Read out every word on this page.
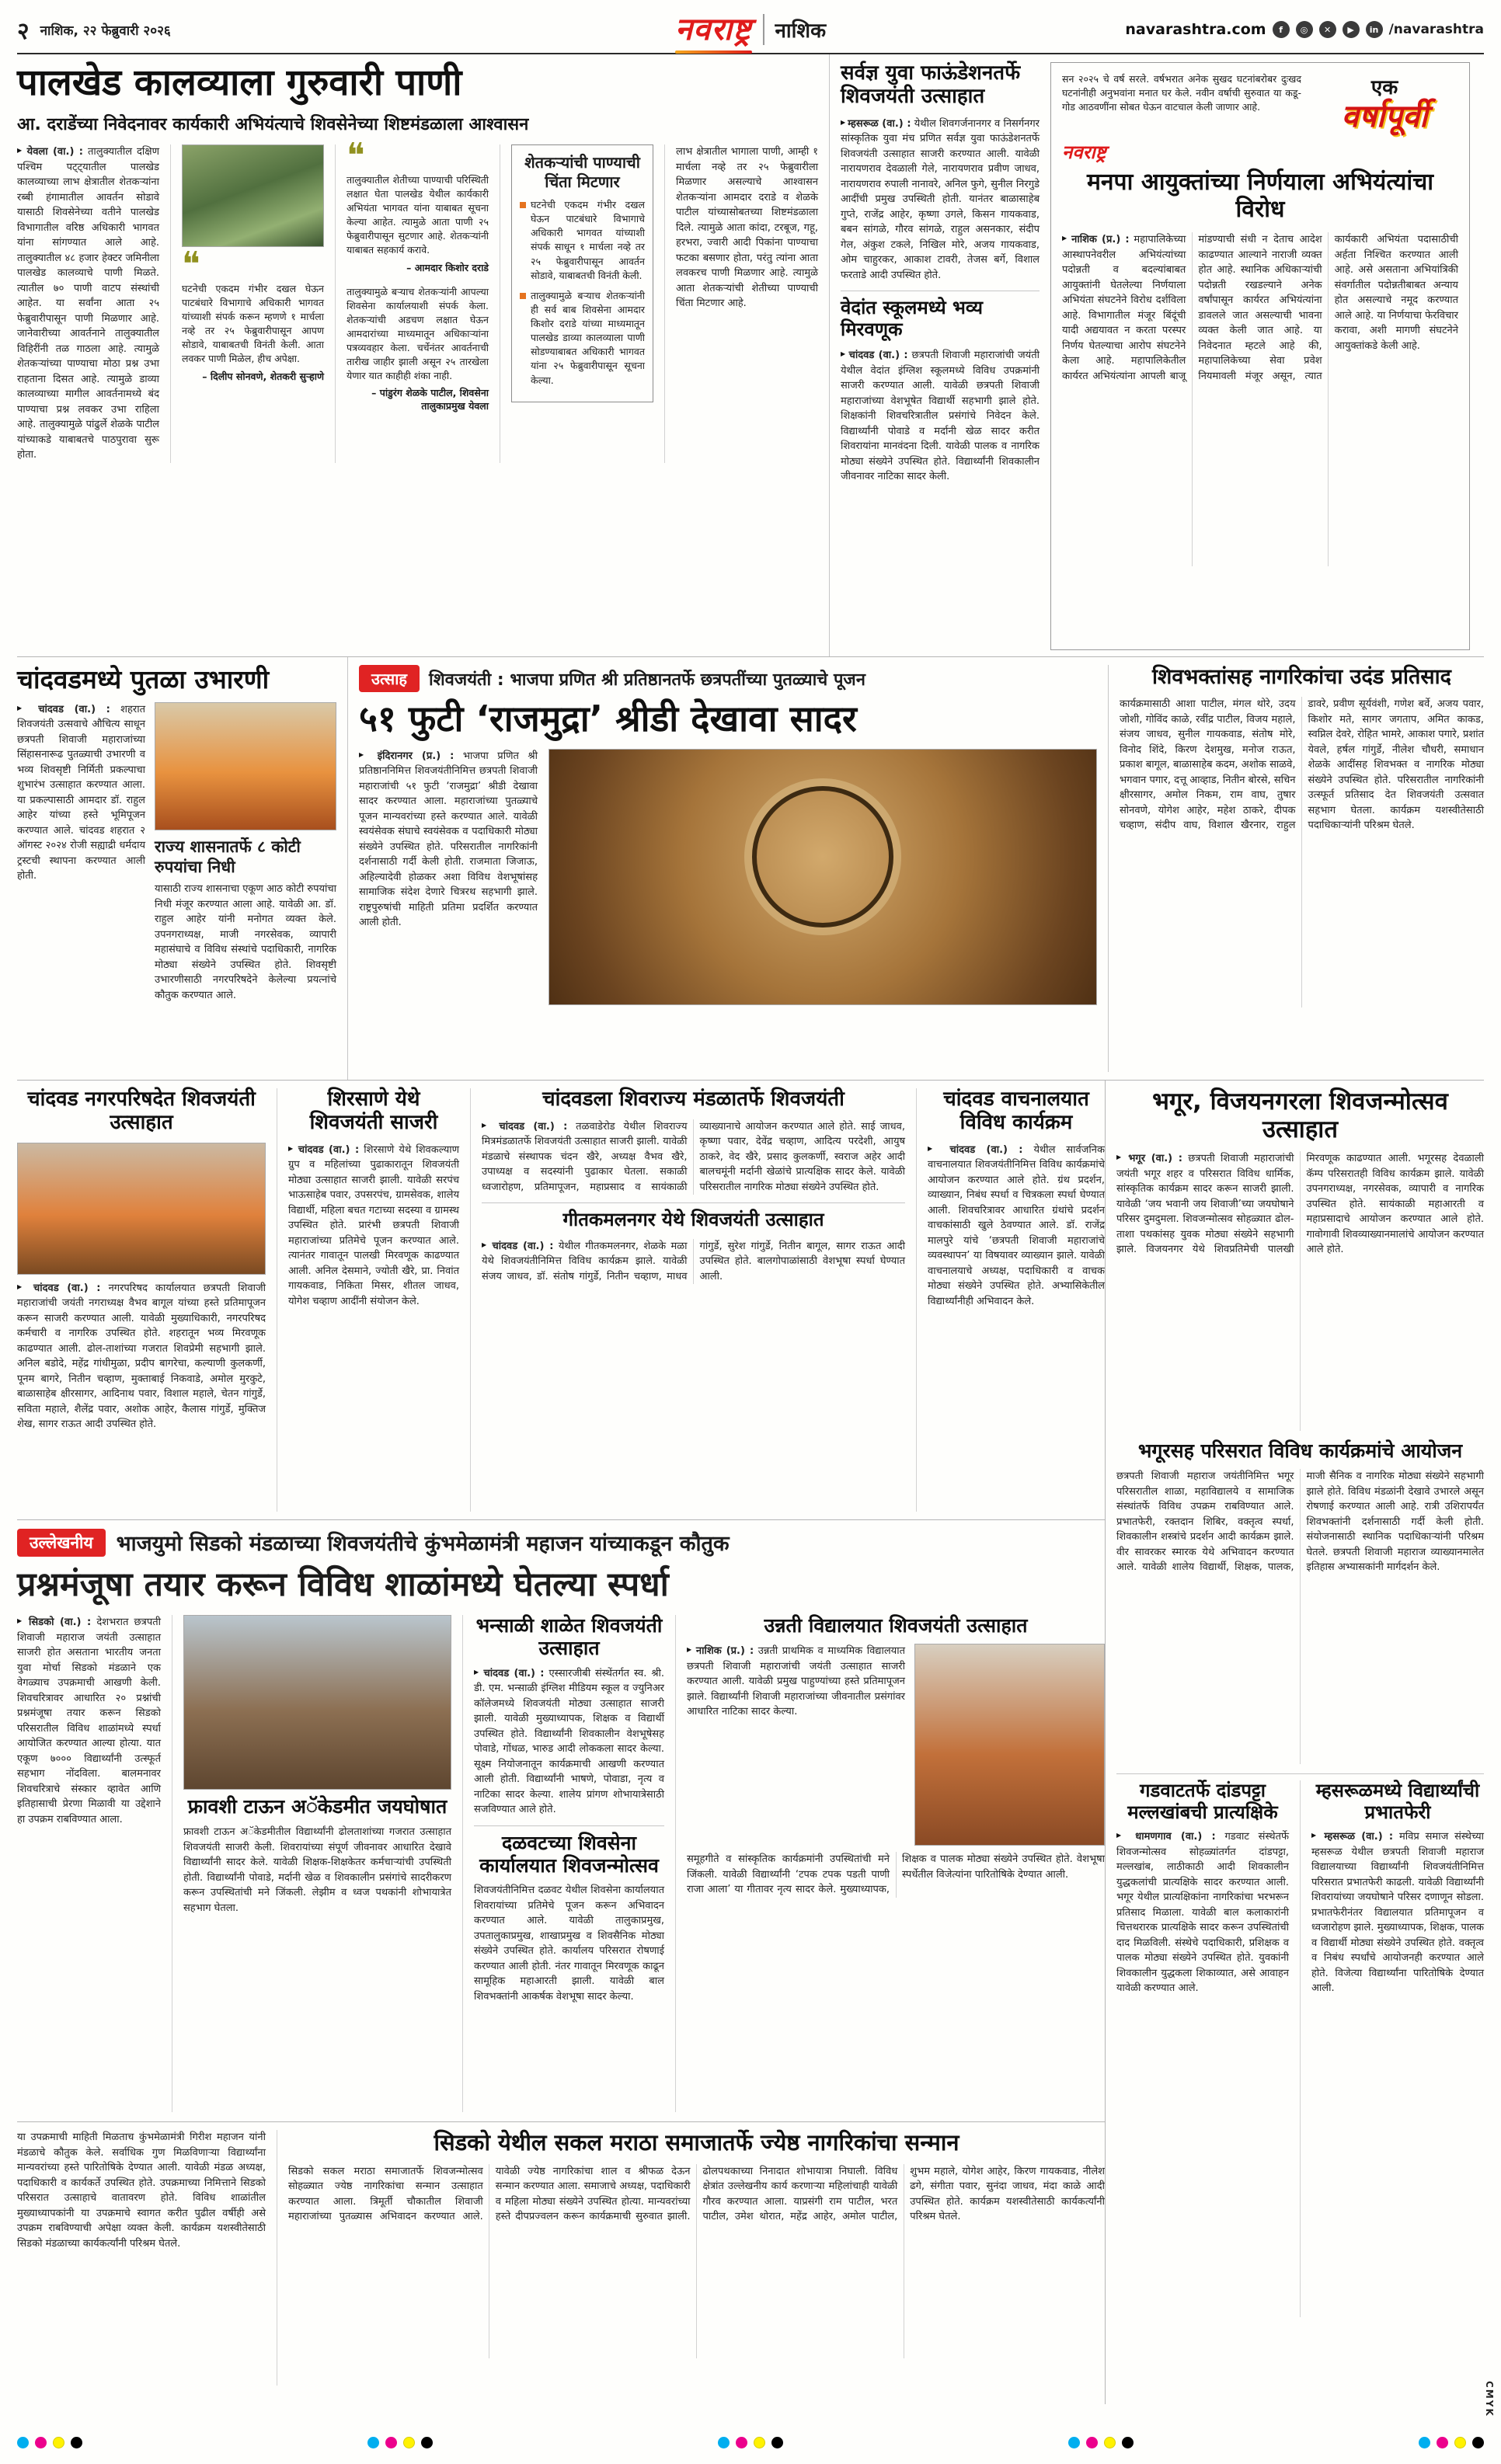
२ नाशिक, २२ फेब्रुवारी २०२६	नवराष्ट्र नाशिक	navarashtra.com	f	◎	✕	▶	in /navarashtra
पालखेड कालव्याला गुरुवारी पाणी

आ. दराडेंच्या निवेदनावर कार्यकारी अभियंत्याचे शिवसेनेच्या शिष्टमंडळाला आश्वासन

▶ येवला (वा.) : तालुक्यातील दक्षिण पश्चिम पट्ट्यातील पालखेड कालव्याच्या लाभ क्षेत्रातील शेतकऱ्यांना रब्बी हंगामातील आवर्तन सोडावे यासाठी शिवसेनेच्या वतीने पालखेड विभागातील वरिष्ठ अधिकारी भागवत यांना सांगण्यात आले आहे. तालुक्यातील ४८ हजार हेक्टर जमिनीला पालखेड कालव्याचे पाणी मिळते. त्यातील ७० पाणी वाटप संस्थांची आहेत. या सर्वांना आता २५ फेब्रुवारीपासून पाणी मिळणार आहे. जानेवारीच्या आवर्तनाने तालुक्यातील विहिरींनी तळ गाठला आहे. त्यामुळे शेतकऱ्यांच्या पाण्याचा मोठा प्रश्न उभा राहताना दिसत आहे. त्यामुळे डाव्या कालव्याच्या मागील आवर्तनामध्ये बंद पाण्याचा प्रश्न लवकर उभा राहिला आहे. तालुक्यामुळे पांढुर्ले शेळके पाटील यांच्याकडे याबाबतचे पाठपुरावा सुरू होता.

❝

घटनेची एकदम गंभीर दखल घेऊन पाटबंधारे विभागाचे अधिकारी भागवत यांच्याशी संपर्क करून म्हणणे १ मार्चला नव्हे तर २५ फेब्रुवारीपासून आपण सोडावे, याबाबतची विनंती केली. आता लवकर पाणी मिळेल, हीच अपेक्षा.

– दिलीप सोनवणे, शेतकरी सुऱ्हाणे

❝

तालुक्यातील शेतीच्या पाण्याची परिस्थिती लक्षात घेता पालखेड येथील कार्यकारी अभियंता भागवत यांना याबाबत सूचना केल्या आहेत. त्यामुळे आता पाणी २५ फेब्रुवारीपासून सुटणार आहे. शेतकऱ्यांनी याबाबत सहकार्य करावे.

– आमदार किशोर दराडे

तालुक्यामुळे बऱ्याच शेतकऱ्यांनी आपल्या शिवसेना कार्यालयाशी संपर्क केला. शेतकऱ्यांची अडचण लक्षात घेऊन आमदारांच्या माध्यमातून अधिकाऱ्यांना पत्रव्यवहार केला. चर्चेनंतर आवर्तनाची तारीख जाहीर झाली असून २५ तारखेला येणार यात काहीही शंका नाही.

– पांडुरंग शेळके पाटील, शिवसेना तालुकाप्रमुख येवला

शेतकऱ्यांची पाण्याची चिंता मिटणार
घटनेची एकदम गंभीर दखल घेऊन पाटबंधारे विभागाचे अधिकारी भागवत यांच्याशी संपर्क साधून १ मार्चला नव्हे तर २५ फेब्रुवारीपासून आवर्तन सोडावे, याबाबतची विनंती केली.
तालुक्यामुळे बऱ्याच शेतकऱ्यांनी ही सर्व बाब शिवसेना आमदार किशोर दराडे यांच्या माध्यमातून पालखेड डाव्या कालव्याला पाणी सोडण्याबाबत अधिकारी भागवत यांना २५ फेब्रुवारीपासून सूचना केल्या.

लाभ क्षेत्रातील भागाला पाणी, आम्ही १ मार्चला नव्हे तर २५ फेब्रुवारीला मिळणार असल्याचे आश्वासन शेतकऱ्यांना आमदार दराडे व शेळके पाटील यांच्यासोबतच्या शिष्टमंडळाला दिले. त्यामुळे आता कांदा, टरबूज, गहू, हरभरा, ज्वारी आदी पिकांना पाण्याचा फटका बसणार होता, परंतु त्यांना आता लवकरच पाणी मिळणार आहे. त्यामुळे आता शेतकऱ्यांची शेतीच्या पाण्याची चिंता मिटणार आहे.

सर्वज्ञ युवा फाऊंडेशनतर्फे शिवजयंती उत्साहात

▶ म्हसरूळ (वा.) : येथील शिवगर्जनानगर व निसर्गनगर सांस्कृतिक युवा मंच प्रणित सर्वज्ञ युवा फाऊंडेशनतर्फे शिवजयंती उत्साहात साजरी करण्यात आली. यावेळी नारायणराव देवळाली गेले, नारायणराव प्रवीण जाधव, नारायणराव रुपाली नानावरे, अनिल फुगे, सुनील निरगुडे आदींची प्रमुख उपस्थिती होती. यानंतर बाळासाहेब गुप्ते, राजेंद्र आहेर, कृष्णा उगले, किसन गायकवाड, बबन सांगळे, गौरव सांगळे, राहुल असनकार, संदीप गेल, अंकुश टकले, निखिल मोरे, अजय गायकवाड, ओम चाहुरकर, आकाश टावरी, तेजस बर्गे, विशाल फरताडे आदी उपस्थित होते.

वेदांत स्कूलमध्ये भव्य मिरवणूक

▶ चांदवड (वा.) : छत्रपती शिवाजी महाराजांची जयंती येथील वेदांत इंग्लिश स्कूलमध्ये विविध उपक्रमांनी साजरी करण्यात आली. यावेळी छत्रपती शिवाजी महाराजांच्या वेशभूषेत विद्यार्थी सहभागी झाले होते. शिक्षकांनी शिवचरित्रातील प्रसंगांचे निवेदन केले. विद्यार्थ्यांनी पोवाडे व मर्दानी खेळ सादर करीत शिवरायांना मानवंदना दिली. यावेळी पालक व नागरिक मोठ्या संख्येने उपस्थित होते. विद्यार्थ्यांनी शिवकालीन जीवनावर नाटिका सादर केली.

सन २०२५ चे वर्ष सरले. वर्षभरात अनेक सुखद घटनांबरोबर दुःखद घटनांनीही अनुभवांना मनात घर केले. नवीन वर्षाची सुरुवात या कडू-गोड आठवणींना सोबत घेऊन वाटचाल केली जाणार आहे.

एक
वर्षापूर्वी
नवराष्ट्र
मनपा आयुक्तांच्या निर्णयाला अभियंत्यांचा विरोध

▶ नाशिक (प्र.) : महापालिकेच्या आस्थापनेवरील अभियंत्यांच्या पदोन्नती व बदल्यांबाबत आयुक्तांनी घेतलेल्या निर्णयाला अभियंता संघटनेने विरोध दर्शविला आहे. विभागातील मंजूर बिंदूंची यादी अद्ययावत न करता परस्पर निर्णय घेतल्याचा आरोप संघटनेने केला आहे. महापालिकेतील कार्यरत अभियंत्यांना आपली बाजू मांडण्याची संधी न देताच आदेश काढण्यात आल्याने नाराजी व्यक्त होत आहे. स्थानिक अधिकाऱ्यांची पदोन्नती रखडल्याने अनेक वर्षांपासून कार्यरत अभियंत्यांना डावलले जात असल्याची भावना व्यक्त केली जात आहे. या निवेदनात म्हटले आहे की, महापालिकेच्या सेवा प्रवेश नियमावली मंजूर असून, त्यात कार्यकारी अभियंता पदासाठीची अर्हता निश्चित करण्यात आली आहे. असे असताना अभियांत्रिकी संवर्गातील पदोन्नतीबाबत अन्याय होत असल्याचे नमूद करण्यात आले आहे. या निर्णयाचा फेरविचार करावा, अशी मागणी संघटनेने आयुक्तांकडे केली आहे.

चांदवडमध्ये पुतळा उभारणी

▶ चांदवड (वा.) : शहरात शिवजयंती उत्सवाचे औचित्य साधून छत्रपती शिवाजी महाराजांच्या सिंहासनारूढ पुतळ्याची उभारणी व भव्य शिवसृष्टी निर्मिती प्रकल्पाचा शुभारंभ उत्साहात करण्यात आला. या प्रकल्पासाठी आमदार डॉ. राहुल आहेर यांच्या हस्ते भूमिपूजन करण्यात आले. चांदवड शहरात २ ऑगस्ट २०२४ रोजी सह्याद्री धर्मदाय ट्रस्टची स्थापना करण्यात आली होती.

राज्य शासनातर्फे ८ कोटी रुपयांचा निधी

यासाठी राज्य शासनाचा एकूण आठ कोटी रुपयांचा निधी मंजूर करण्यात आला आहे. यावेळी आ. डॉ. राहुल आहेर यांनी मनोगत व्यक्त केले. उपनगराध्यक्ष, माजी नगरसेवक, व्यापारी महासंघाचे व विविध संस्थांचे पदाधिकारी, नागरिक मोठ्या संख्येने उपस्थित होते. शिवसृष्टी उभारणीसाठी नगरपरिषदेने केलेल्या प्रयत्नांचे कौतुक करण्यात आले.

उत्साह	शिवजयंती : भाजपा प्रणित श्री प्रतिष्ठानतर्फे छत्रपतींच्या पुतळ्याचे पूजन
५१ फुटी ‘राजमुद्रा’ श्रीडी देखावा सादर

▶ इंदिरानगर (प्र.) : भाजपा प्रणित श्री प्रतिष्ठाननिमित्त शिवजयंतीनिमित्त छत्रपती शिवाजी महाराजांची ५१ फुटी ‘राजमुद्रा’ श्रीडी देखावा सादर करण्यात आला. महाराजांच्या पुतळ्याचे पूजन मान्यवरांच्या हस्ते करण्यात आले. यावेळी स्वयंसेवक संघाचे स्वयंसेवक व पदाधिकारी मोठ्या संख्येने उपस्थित होते. परिसरातील नागरिकांनी दर्शनासाठी गर्दी केली होती. राजमाता जिजाऊ, अहिल्यादेवी होळकर अशा विविध वेशभूषांसह सामाजिक संदेश देणारे चित्ररथ सहभागी झाले. राष्ट्रपुरुषांची माहिती प्रतिमा प्रदर्शित करण्यात आली होती.

शिवभक्तांसह नागरिकांचा उदंड प्रतिसाद

कार्यक्रमासाठी आशा पाटील, मंगल थोरे, उदय जोशी, गोविंद काळे, रवींद्र पाटील, विजय महाले, संजय जाधव, सुनील गायकवाड, संतोष मोरे, विनोद शिंदे, किरण देशमुख, मनोज राऊत, प्रकाश बागूल, बाळासाहेब कदम, अशोक साळवे, भगवान पगार, दत्तू आव्हाड, नितीन बोरसे, सचिन क्षीरसागर, अमोल निकम, राम वाघ, तुषार सोनवणे, योगेश आहेर, महेश ठाकरे, दीपक चव्हाण, संदीप वाघ, विशाल खैरनार, राहुल डावरे, प्रवीण सूर्यवंशी, गणेश बर्वे, अजय पवार, किशोर मते, सागर जगताप, अमित काकड, स्वप्निल देवरे, रोहित भामरे, आकाश पगारे, प्रशांत येवले, हर्षल गांगुर्डे, नीलेश चौधरी, समाधान शेळके आदींसह शिवभक्त व नागरिक मोठ्या संख्येने उपस्थित होते. परिसरातील नागरिकांनी उत्स्फूर्त प्रतिसाद देत शिवजयंती उत्सवात सहभाग घेतला. कार्यक्रम यशस्वीतेसाठी पदाधिकाऱ्यांनी परिश्रम घेतले.

चांदवड नगरपरिषदेत शिवजयंती उत्साहात

▶ चांदवड (वा.) : नगरपरिषद कार्यालयात छत्रपती शिवाजी महाराजांची जयंती नगराध्यक्ष वैभव बागूल यांच्या हस्ते प्रतिमापूजन करून साजरी करण्यात आली. यावेळी मुख्याधिकारी, नगरपरिषद कर्मचारी व नागरिक उपस्थित होते. शहरातून भव्य मिरवणूक काढण्यात आली. ढोल-ताशांच्या गजरात शिवप्रेमी सहभागी झाले. अनिल बडोदे, महेंद्र गांधीमुळा, प्रदीप बागरेचा, कल्याणी कुलकर्णी, पूनम बागरे, नितीन चव्हाण, मुक्ताबाई निकवाडे, अमोल मुरकुटे, बाळासाहेब क्षीरसागर, आदिनाथ पवार, विशाल महाले, चेतन गांगुर्डे, सविता महाले, शैलेंद्र पवार, अशोक आहेर, कैलास गांगुर्डे, मुक्तिज शेख, सागर राऊत आदी उपस्थित होते.

शिरसाणे येथे शिवजयंती साजरी

▶ चांदवड (वा.) : शिरसाणे येथे शिवकल्याण ग्रुप व महिलांच्या पुढाकारातून शिवजयंती मोठ्या उत्साहात साजरी झाली. यावेळी सरपंच भाऊसाहेब पवार, उपसरपंच, ग्रामसेवक, शालेय विद्यार्थी, महिला बचत गटाच्या सदस्या व ग्रामस्थ उपस्थित होते. प्रारंभी छत्रपती शिवाजी महाराजांच्या प्रतिमेचे पूजन करण्यात आले. त्यानंतर गावातून पालखी मिरवणूक काढण्यात आली. अनिल देसमाने, ज्योती खैरे, प्रा. निवांत गायकवाड, निकिता मिसर, शीतल जाधव, योगेश चव्हाण आदींनी संयोजन केले.

चांदवडला शिवराज्य मंडळातर्फे शिवजयंती

▶ चांदवड (वा.) : तळवाडेरोड येथील शिवराज्य मित्रमंडळातर्फे शिवजयंती उत्साहात साजरी झाली. यावेळी मंडळाचे संस्थापक चंदन खैरे, अध्यक्ष वैभव खैरे, उपाध्यक्ष व सदस्यांनी पुढाकार घेतला. सकाळी ध्वजारोहण, प्रतिमापूजन, महाप्रसाद व सायंकाळी व्याख्यानाचे आयोजन करण्यात आले होते. साई जाधव, कृष्णा पवार, देवेंद्र चव्हाण, आदित्य परदेशी, आयुष ठाकरे, वेद खैरे, प्रसाद कुलकर्णी, स्वराज अहेर आदी बालचमूंनी मर्दानी खेळांचे प्रात्यक्षिक सादर केले. यावेळी परिसरातील नागरिक मोठ्या संख्येने उपस्थित होते.

गीतकमलनगर येथे शिवजयंती उत्साहात

▶ चांदवड (वा.) : येथील गीतकमलनगर, शेळके मळा येथे शिवजयंतीनिमित्त विविध कार्यक्रम झाले. यावेळी संजय जाधव, डॉ. संतोष गांगुर्डे, नितीन चव्हाण, माधव गांगुर्डे, सुरेश गांगुर्डे, नितीन बागूल, सागर राऊत आदी उपस्थित होते. बालगोपाळांसाठी वेशभूषा स्पर्धा घेण्यात आली.

चांदवड वाचनालयात विविध कार्यक्रम

▶ चांदवड (वा.) : येथील सार्वजनिक वाचनालयात शिवजयंतीनिमित्त विविध कार्यक्रमांचे आयोजन करण्यात आले होते. ग्रंथ प्रदर्शन, व्याख्यान, निबंध स्पर्धा व चित्रकला स्पर्धा घेण्यात आली. शिवचरित्रावर आधारित ग्रंथांचे प्रदर्शन वाचकांसाठी खुले ठेवण्यात आले. डॉ. राजेंद्र मालपुरे यांचे ‘छत्रपती शिवाजी महाराजांचे व्यवस्थापन’ या विषयावर व्याख्यान झाले. यावेळी वाचनालयाचे अध्यक्ष, पदाधिकारी व वाचक मोठ्या संख्येने उपस्थित होते. अभ्यासिकेतील विद्यार्थ्यांनीही अभिवादन केले.

उल्लेखनीय	भाजयुमो सिडको मंडळाच्या शिवजयंतीचे कुंभमेळामंत्री महाजन यांच्याकडून कौतुक
प्रश्नमंजूषा तयार करून विविध शाळांमध्ये घेतल्या स्पर्धा

▶ सिडको (वा.) : देशभरात छत्रपती शिवाजी महाराज जयंती उत्साहात साजरी होत असताना भारतीय जनता युवा मोर्चा सिडको मंडळाने एक वेगळ्याच उपक्रमाची आखणी केली. शिवचरित्रावर आधारित २० प्रश्नांची प्रश्नमंजूषा तयार करून सिडको परिसरातील विविध शाळांमध्ये स्पर्धा आयोजित करण्यात आल्या होत्या. यात एकूण ७००० विद्यार्थ्यांनी उत्स्फूर्त सहभाग नोंदविला. बालमनावर शिवचरित्राचे संस्कार व्हावेत आणि इतिहासाची प्रेरणा मिळावी या उद्देशाने हा उपक्रम राबविण्यात आला.

फ्रावशी टाऊन अॅकेडमीत जयघोषात

फ्रावशी टाऊन अॅकेडमीतील विद्यार्थ्यांनी ढोलताशांच्या गजरात उत्साहात शिवजयंती साजरी केली. शिवरायांच्या संपूर्ण जीवनावर आधारित देखावे विद्यार्थ्यांनी सादर केले. यावेळी शिक्षक-शिक्षकेतर कर्मचाऱ्यांची उपस्थिती होती. विद्यार्थ्यांनी पोवाडे, मर्दानी खेळ व शिवकालीन प्रसंगांचे सादरीकरण करून उपस्थितांची मने जिंकली. लेझीम व ध्वज पथकांनी शोभायात्रेत सहभाग घेतला.

भन्साळी शाळेत शिवजयंती उत्साहात

▶ चांदवड (वा.) : एस्सारजीबी संस्थेंतर्गत स्व. श्री. डी. एम. भन्साळी इंग्लिश मीडियम स्कूल व ज्युनिअर कॉलेजमध्ये शिवजयंती मोठ्या उत्साहात साजरी झाली. यावेळी मुख्याध्यापक, शिक्षक व विद्यार्थी उपस्थित होते. विद्यार्थ्यांनी शिवकालीन वेशभूषेसह पोवाडे, गोंधळ, भारुड आदी लोककला सादर केल्या. सूक्ष्म नियोजनातून कार्यक्रमाची आखणी करण्यात आली होती. विद्यार्थ्यांनी भाषणे, पोवाडा, नृत्य व नाटिका सादर केल्या. शालेय प्रांगण शोभायात्रेसाठी सजविण्यात आले होते.

दळवटच्या शिवसेना कार्यालयात शिवजन्मोत्सव

शिवजयंतीनिमित्त दळवट येथील शिवसेना कार्यालयात शिवरायांच्या प्रतिमेचे पूजन करून अभिवादन करण्यात आले. यावेळी तालुकाप्रमुख, उपतालुकाप्रमुख, शाखाप्रमुख व शिवसैनिक मोठ्या संख्येने उपस्थित होते. कार्यालय परिसरात रोषणाई करण्यात आली होती. नंतर गावातून मिरवणूक काढून सामूहिक महाआरती झाली. यावेळी बाल शिवभक्तांनी आकर्षक वेशभूषा सादर केल्या.

उन्नती विद्यालयात शिवजयंती उत्साहात

▶ नाशिक (प्र.) : उन्नती प्राथमिक व माध्यमिक विद्यालयात छत्रपती शिवाजी महाराजांची जयंती उत्साहात साजरी करण्यात आली. यावेळी प्रमुख पाहुण्यांच्या हस्ते प्रतिमापूजन झाले. विद्यार्थ्यांनी शिवाजी महाराजांच्या जीवनातील प्रसंगांवर आधारित नाटिका सादर केल्या.

समूहगीते व सांस्कृतिक कार्यक्रमांनी उपस्थितांची मने जिंकली. यावेळी विद्यार्थ्यांनी ‘टपक टपक पडती पाणी राजा आला’ या गीतावर नृत्य सादर केले. मुख्याध्यापक, शिक्षक व पालक मोठ्या संख्येने उपस्थित होते. वेशभूषा स्पर्धेतील विजेत्यांना पारितोषिके देण्यात आली.

या उपक्रमाची माहिती मिळताच कुंभमेळामंत्री गिरीश महाजन यांनी मंडळाचे कौतुक केले. सर्वाधिक गुण मिळविणाऱ्या विद्यार्थ्यांना मान्यवरांच्या हस्ते पारितोषिके देण्यात आली. यावेळी मंडळ अध्यक्ष, पदाधिकारी व कार्यकर्ते उपस्थित होते. उपक्रमाच्या निमित्ताने सिडको परिसरात उत्साहाचे वातावरण होते. विविध शाळांतील मुख्याध्यापकांनी या उपक्रमाचे स्वागत करीत पुढील वर्षीही असे उपक्रम राबविण्याची अपेक्षा व्यक्त केली. कार्यक्रम यशस्वीतेसाठी सिडको मंडळाच्या कार्यकर्त्यांनी परिश्रम घेतले.

सिडको येथील सकल मराठा समाजातर्फे ज्येष्ठ नागरिकांचा सन्मान

सिडको सकल मराठा समाजातर्फे शिवजन्मोत्सव सोहळ्यात ज्येष्ठ नागरिकांचा सन्मान उत्साहात करण्यात आला. त्रिमूर्ती चौकातील शिवाजी महाराजांच्या पुतळ्यास अभिवादन करण्यात आले. यावेळी ज्येष्ठ नागरिकांचा शाल व श्रीफळ देऊन सन्मान करण्यात आला. समाजाचे अध्यक्ष, पदाधिकारी व महिला मोठ्या संख्येने उपस्थित होत्या. मान्यवरांच्या हस्ते दीपप्रज्वलन करून कार्यक्रमाची सुरुवात झाली. ढोलपथकाच्या निनादात शोभायात्रा निघाली. विविध क्षेत्रांत उल्लेखनीय कार्य करणाऱ्या महिलांचाही यावेळी गौरव करण्यात आला. याप्रसंगी राम पाटील, भरत पाटील, उमेश थोरात, महेंद्र आहेर, अमोल पाटील, शुभम महाले, योगेश आहेर, किरण गायकवाड, नीलेश ढगे, संगीता पवार, सुनंदा जाधव, मंदा काळे आदी उपस्थित होते. कार्यक्रम यशस्वीतेसाठी कार्यकर्त्यांनी परिश्रम घेतले.

भगूर, विजयनगरला शिवजन्मोत्सव उत्साहात

▶ भगूर (वा.) : छत्रपती शिवाजी महाराजांची जयंती भगूर शहर व परिसरात विविध धार्मिक, सांस्कृतिक कार्यक्रम सादर करून साजरी झाली. यावेळी ‘जय भवानी जय शिवाजी’च्या जयघोषाने परिसर दुमदुमला. शिवजन्मोत्सव सोहळ्यात ढोल-ताशा पथकांसह युवक मोठ्या संख्येने सहभागी झाले. विजयनगर येथे शिवप्रतिमेची पालखी मिरवणूक काढण्यात आली. भगूरसह देवळाली कॅम्प परिसरातही विविध कार्यक्रम झाले. यावेळी उपनगराध्यक्ष, नगरसेवक, व्यापारी व नागरिक उपस्थित होते. सायंकाळी महाआरती व महाप्रसादाचे आयोजन करण्यात आले होते. गावोगावी शिवव्याख्यानमालांचे आयोजन करण्यात आले होते.

भगूरसह परिसरात विविध कार्यक्रमांचे आयोजन

छत्रपती शिवाजी महाराज जयंतीनिमित्त भगूर परिसरातील शाळा, महाविद्यालये व सामाजिक संस्थांतर्फे विविध उपक्रम राबविण्यात आले. प्रभातफेरी, रक्तदान शिबिर, वक्तृत्व स्पर्धा, शिवकालीन शस्त्रांचे प्रदर्शन आदी कार्यक्रम झाले. वीर सावरकर स्मारक येथे अभिवादन करण्यात आले. यावेळी शालेय विद्यार्थी, शिक्षक, पालक, माजी सैनिक व नागरिक मोठ्या संख्येने सहभागी झाले होते. विविध मंडळांनी देखावे उभारले असून रोषणाई करण्यात आली आहे. रात्री उशिरापर्यंत शिवभक्तांनी दर्शनासाठी गर्दी केली होती. संयोजनासाठी स्थानिक पदाधिकाऱ्यांनी परिश्रम घेतले. छत्रपती शिवाजी महाराज व्याख्यानमालेत इतिहास अभ्यासकांनी मार्गदर्शन केले.

गडवाटतर्फे दांडपट्टा मल्लखांबची प्रात्यक्षिके

▶ धामणगाव (वा.) : गडवाट संस्थेतर्फे शिवजन्मोत्सव सोहळ्यांतर्गत दांडपट्टा, मल्लखांब, लाठीकाठी आदी शिवकालीन युद्धकलांची प्रात्यक्षिके सादर करण्यात आली. भगूर येथील प्रात्यक्षिकांना नागरिकांचा भरभरून प्रतिसाद मिळाला. यावेळी बाल कलाकारांनी चित्तथरारक प्रात्यक्षिके सादर करून उपस्थितांची दाद मिळविली. संस्थेचे पदाधिकारी, प्रशिक्षक व पालक मोठ्या संख्येने उपस्थित होते. युवकांनी शिवकालीन युद्धकला शिकाव्यात, असे आवाहन यावेळी करण्यात आले.

म्हसरूळमध्ये विद्यार्थ्यांची प्रभातफेरी

▶ म्हसरूळ (वा.) : मविप्र समाज संस्थेच्या म्हसरूळ येथील छत्रपती शिवाजी महाराज विद्यालयाच्या विद्यार्थ्यांनी शिवजयंतीनिमित्त परिसरात प्रभातफेरी काढली. यावेळी विद्यार्थ्यांनी शिवरायांच्या जयघोषाने परिसर दणाणून सोडला. प्रभातफेरीनंतर विद्यालयात प्रतिमापूजन व ध्वजारोहण झाले. मुख्याध्यापक, शिक्षक, पालक व विद्यार्थी मोठ्या संख्येने उपस्थित होते. वक्तृत्व व निबंध स्पर्धांचे आयोजनही करण्यात आले होते. विजेत्या विद्यार्थ्यांना पारितोषिके देण्यात आली.

CMYK
